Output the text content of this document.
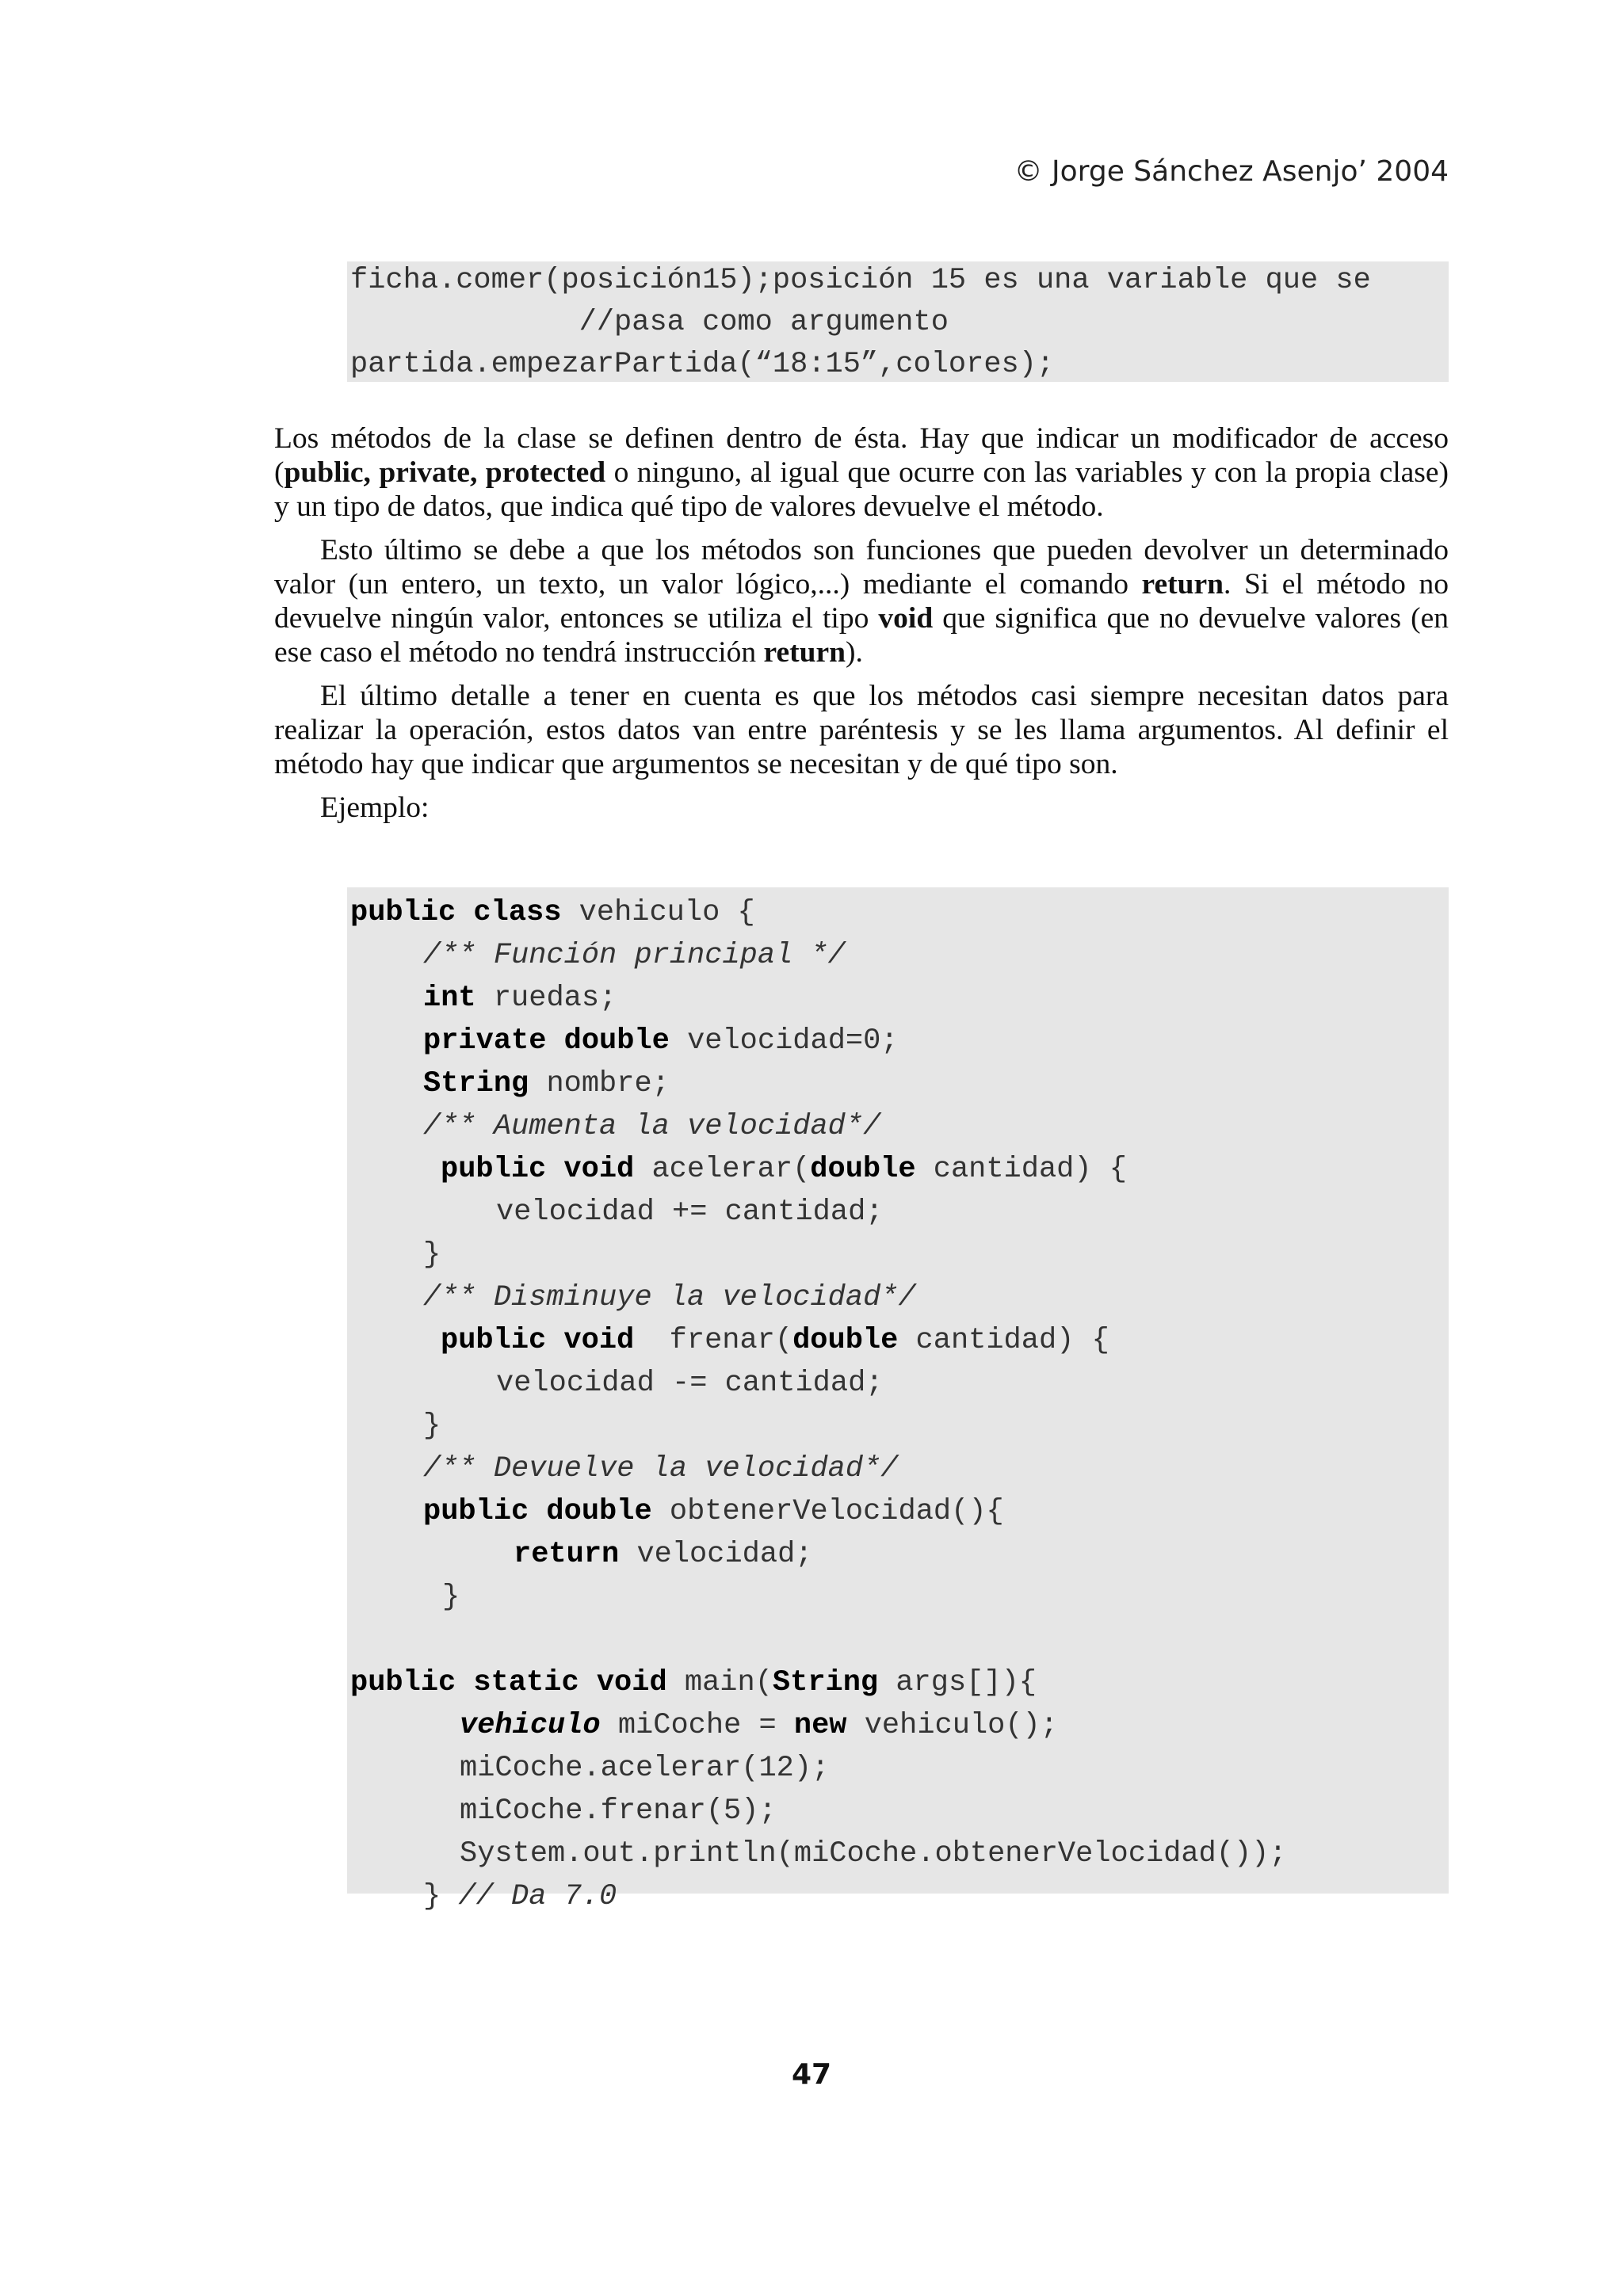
© Jorge Sánchez Asenjo’ 2004
ficha.comer(posición15);posición 15 es una variable que se
//pasa como argumento
partida.empezarPartida(“18:15”,colores);

Los métodos de la clase se definen dentro de ésta. Hay que indicar un modificador de acceso (public, private, protected o ninguno, al igual que ocurre con las variables y con la propia clase) y un tipo de datos, que indica qué tipo de valores devuelve el método.

Esto último se debe a que los métodos son funciones que pueden devolver un determinado valor (un entero, un texto, un valor lógico,...) mediante el comando return. Si el método no devuelve ningún valor, entonces se utiliza el tipo void que significa que no devuelve valores (en ese caso el método no tendrá instrucción return).

El último detalle a tener en cuenta es que los métodos casi siempre necesitan datos para realizar la operación, estos datos van entre paréntesis y se les llama argumentos. Al definir el método hay que indicar que argumentos se necesitan y de qué tipo son.

Ejemplo:

public class vehiculo {
/** Función principal */
int ruedas;
private double velocidad=0;
String nombre;
/** Aumenta la velocidad*/
public void acelerar(double cantidad) {
velocidad += cantidad;
}
/** Disminuye la velocidad*/
public void  frenar(double cantidad) {
velocidad -= cantidad;
}
/** Devuelve la velocidad*/
public double obtenerVelocidad(){
return velocidad;
}
public static void main(String args[]){
vehiculo miCoche = new vehiculo();
miCoche.acelerar(12);
miCoche.frenar(5);
System.out.println(miCoche.obtenerVelocidad());
} // Da 7.0
47
